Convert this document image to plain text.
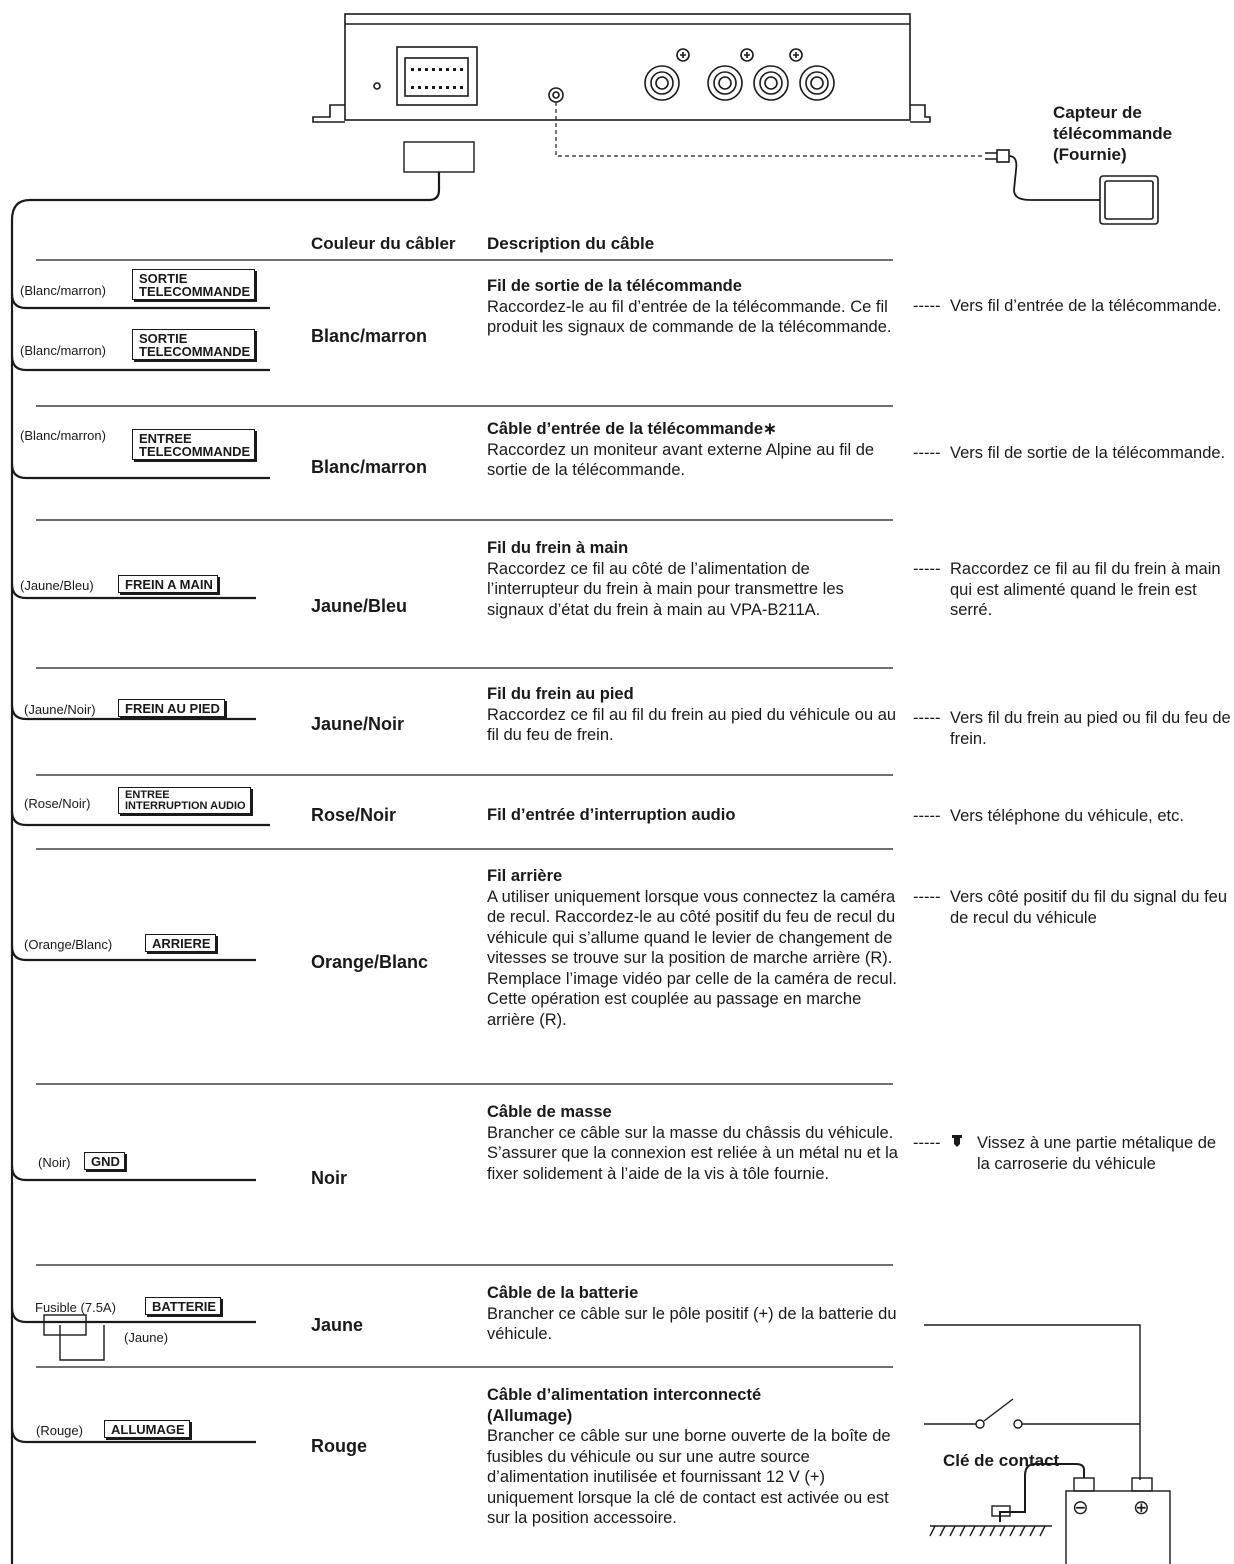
Couleur du câbler Description du câble
Capteur de
télécommande
(Fournie)
Clé de contact
⊖ ⊕
(Blanc/marron)
SORTIE
TELECOMMANDE
(Blanc/marron)
SORTIE
TELECOMMANDE
Blanc/marron
Fil de sortie de la télécommande
Raccordez-le au fil d’entrée de la télécommande. Ce fil produit les signaux de commande de la télécommande.
----- Vers fil d’entrée de la télécommande.
(Blanc/marron)	ENTREE
TELECOMMANDE
Blanc/marron
Câble d’entrée de la télécommande∗
Raccordez un moniteur avant externe Alpine au fil de sortie de la télécommande.
----- Vers fil de sortie de la télécommande.
(Jaune/Bleu) FREIN A MAIN
Jaune/Bleu
Fil du frein à main
Raccordez ce fil au côté de l’alimentation de l’interrupteur du frein à main pour transmettre les signaux d’état du frein à main au VPA-B211A.
----- Raccordez ce fil au fil du frein à main qui est alimenté quand le frein est serré.
(Jaune/Noir) FREIN AU PIED
Jaune/Noir
Fil du frein au pied
Raccordez ce fil au fil du frein au pied du véhicule ou au fil du feu de frein.
----- Vers fil du frein au pied ou fil du feu de frein.
(Rose/Noir)
ENTREE
INTERRUPTION AUDIO	Rose/Noir	Fil d’entrée d’interruption audio	----- Vers téléphone du véhicule, etc.
(Orange/Blanc)	ARRIERE
Orange/Blanc
Fil arrière
A utiliser uniquement lorsque vous connectez la caméra de recul. Raccordez-le au côté positif du feu de recul du véhicule qui s’allume quand le levier de changement de vitesses se trouve sur la position de marche arrière (R). Remplace l’image vidéo par celle de la caméra de recul. Cette opération est couplée au passage en marche arrière (R).
----- Vers côté positif du fil du signal du feu de recul du véhicule
(Noir) GND
Noir
Câble de masse
Brancher ce câble sur la masse du châssis du véhicule. S’assurer que la connexion est reliée à un métal nu et la fixer solidement à l’aide de la vis à tôle fournie.
----- Vissez à une partie métalique de la carroserie du véhicule
Fusible (7.5A)	BATTERIE
(Jaune)
Jaune
Câble de la batterie
Brancher ce câble sur le pôle positif (+) de la batterie du véhicule.
(Rouge) ALLUMAGE
Rouge
Câble d’alimentation interconnecté (Allumage)
Brancher ce câble sur une borne ouverte de la boîte de fusibles du véhicule ou sur une autre source d’alimentation inutilisée et fournissant 12 V (+) uniquement lorsque la clé de contact est activée ou est sur la position accessoire.
